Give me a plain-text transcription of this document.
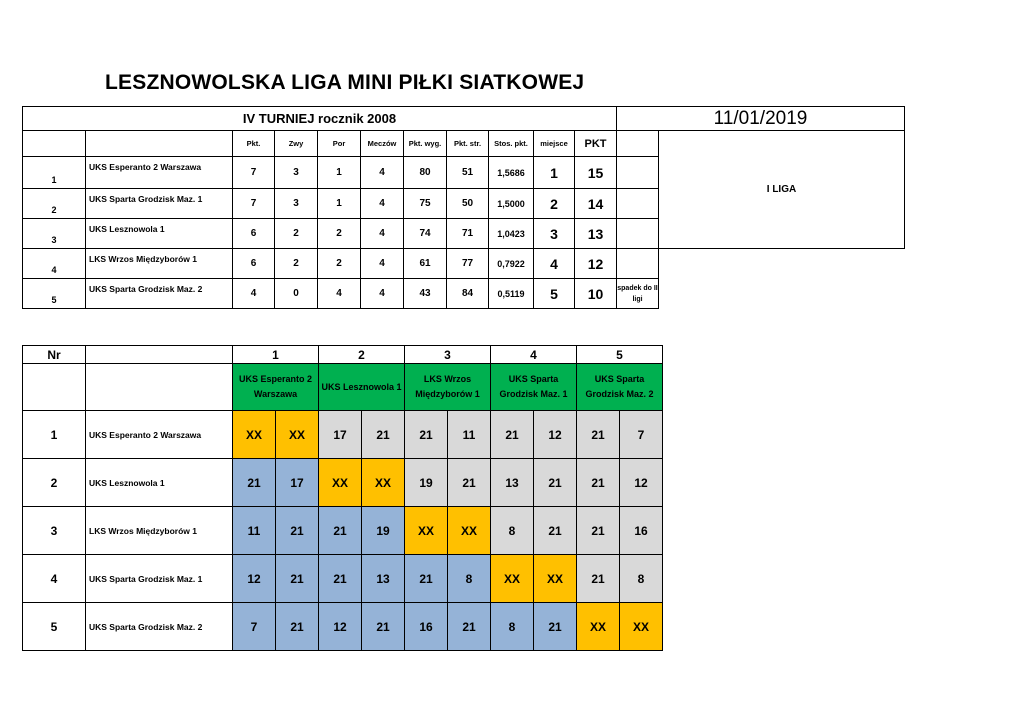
LESZNOWOLSKA LIGA MINI PIŁKI SIATKOWEJ
IV TURNIEJ rocznik 2008											11/01/2019	
		Pkt.	Zwy	Por	Meczów	Pkt. wyg.	Pkt. str.	Stos. pkt.	miejsce	PKT		I LIGA
1	UKS Esperanto 2 Warszawa	7	3	1	4	80	51	1,5686	1	15		
2	UKS Sparta Grodzisk Maz. 1	7	3	1	4	75	50	1,5000	2	14		
3	UKS Lesznowola 1	6	2	2	4	74	71	1,0423	3	13		
4	LKS Wrzos Międzyborów 1	6	2	2	4	61	77	0,7922	4	12		
5	UKS Sparta Grodzisk Maz. 2	4	0	4	4	43	84	0,5119	5	10	spadek do II ligi	
Nr		1		2		3		4		5	
		UKS Esperanto 2 Warszawa		UKS Lesznowola 1		LKS Wrzos Międzyborów 1		UKS Sparta Grodzisk Maz. 1		UKS Sparta Grodzisk Maz. 2	
1	UKS Esperanto 2 Warszawa	XX	XX	17	21	21	11	21	12	21	7
2	UKS Lesznowola 1	21	17	XX	XX	19	21	13	21	21	12
3	LKS Wrzos Międzyborów 1	11	21	21	19	XX	XX	8	21	21	16
4	UKS Sparta Grodzisk Maz. 1	12	21	21	13	21	8	XX	XX	21	8
5	UKS Sparta Grodzisk Maz. 2	7	21	12	21	16	21	8	21	XX	XX
